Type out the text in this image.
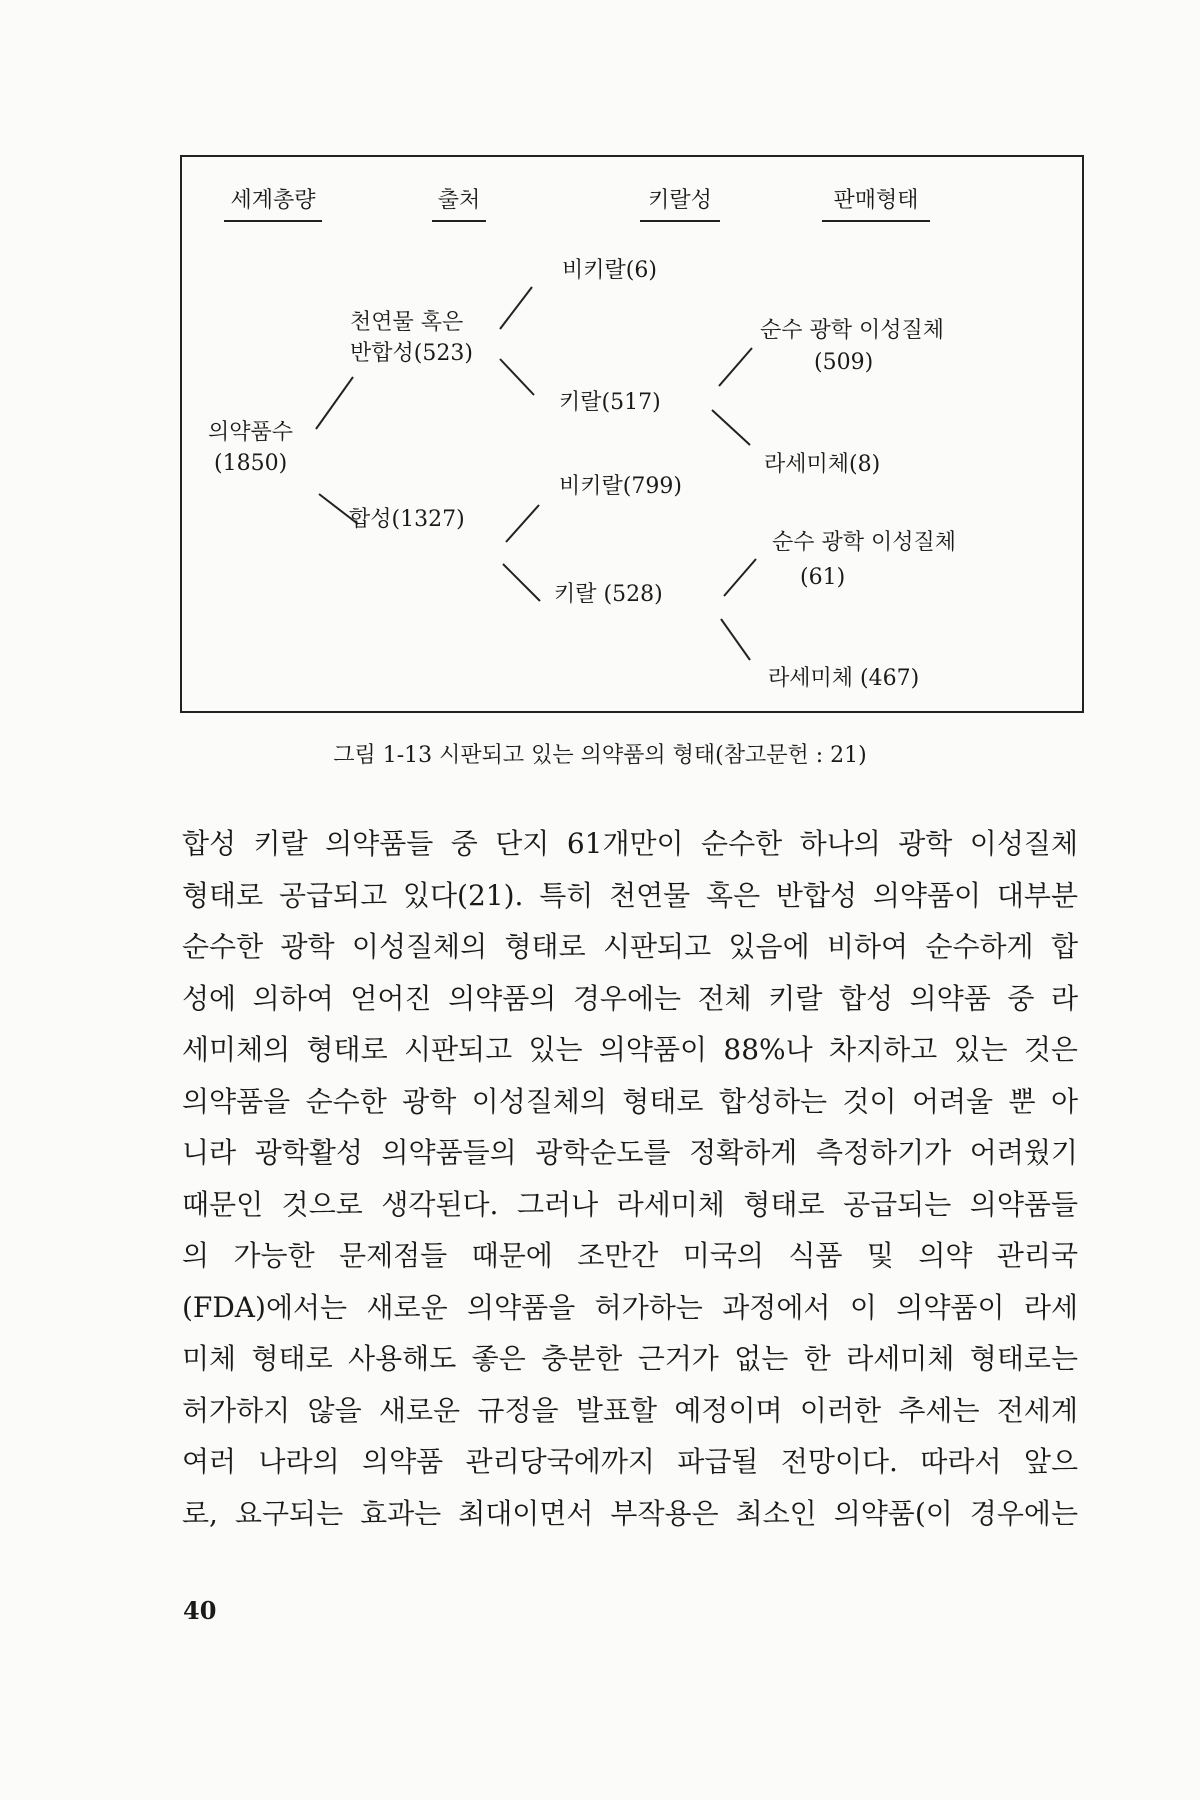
세계총량	출처	키랄성	판매형태
의약품수
(1850)
천연물 혹은
반합성(523)
합성(1327)
비키랄(6)
키랄(517)
비키랄(799)
키랄 (528)
순수 광학 이성질체
(509)
라세미체(8)
순수 광학 이성질체
(61)
라세미체 (467)
그림 1-13 시판되고 있는 의약품의 형태(참고문헌 : 21)

합성 키랄 의약품들 중 단지 61개만이 순수한 하나의 광학 이성질체
형태로 공급되고 있다(21). 특히 천연물 혹은 반합성 의약품이 대부분
순수한 광학 이성질체의 형태로 시판되고 있음에 비하여 순수하게 합
성에 의하여 얻어진 의약품의 경우에는 전체 키랄 합성 의약품 중 라
세미체의 형태로 시판되고 있는 의약품이 88%나 차지하고 있는 것은
의약품을 순수한 광학 이성질체의 형태로 합성하는 것이 어려울 뿐 아
니라 광학활성 의약품들의 광학순도를 정확하게 측정하기가 어려웠기
때문인 것으로 생각된다. 그러나 라세미체 형태로 공급되는 의약품들
의 가능한 문제점들 때문에 조만간 미국의 식품 및 의약 관리국
(FDA)에서는 새로운 의약품을 허가하는 과정에서 이 의약품이 라세
미체 형태로 사용해도 좋은 충분한 근거가 없는 한 라세미체 형태로는
허가하지 않을 새로운 규정을 발표할 예정이며 이러한 추세는 전세계
여러 나라의 의약품 관리당국에까지 파급될 전망이다. 따라서 앞으
로, 요구되는 효과는 최대이면서 부작용은 최소인 의약품(이 경우에는

40
